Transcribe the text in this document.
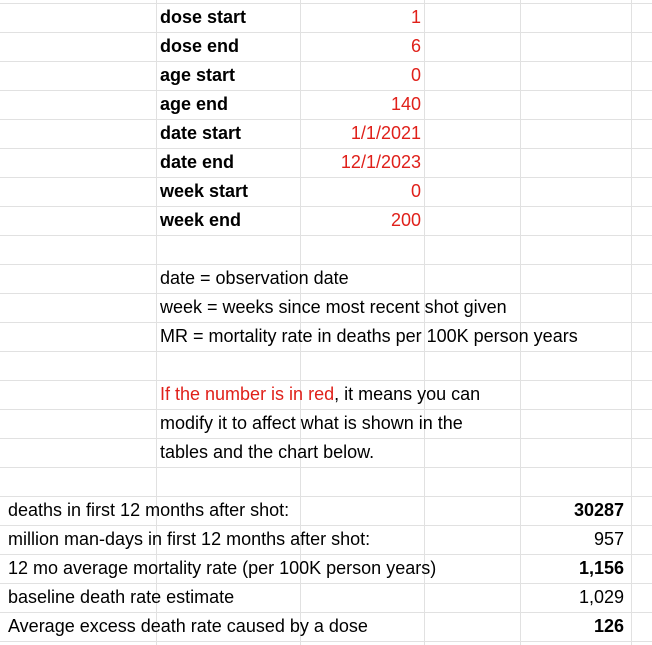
dose start	1
dose end	6
age start	0
age end	140
date start	1/1/2021
date end	12/1/2023
week start	0
week end	200
date = observation date
week = weeks since most recent shot given
MR = mortality rate in deaths per 100K person years
If the number is in red, it means you can
modify it to affect what is shown in the
tables and the chart below.
deaths in first 12 months after shot:	30287
million man-days in first 12 months after shot:	957
12 mo average mortality rate (per 100K person years)	1,156
baseline death rate estimate	1,029
Average excess death rate caused by a dose	126
